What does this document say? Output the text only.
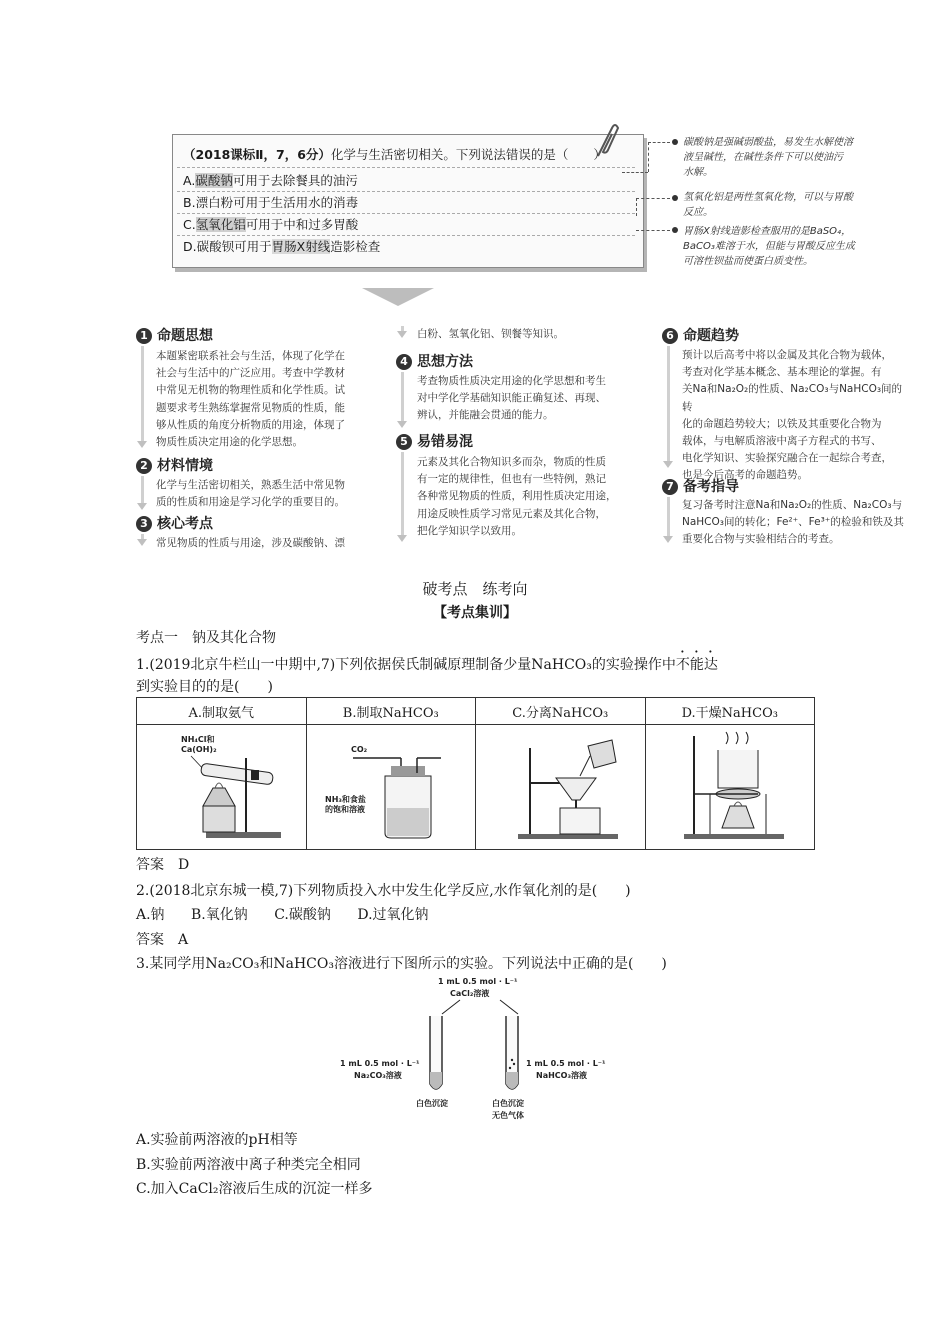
（2018课标Ⅱ，7，6分）化学与生活密切相关。下列说法错误的是（　　）
A.碳酸钠可用于去除餐具的油污
B.漂白粉可用于生活用水的消毒
C.氢氧化铝可用于中和过多胃酸
D.碳酸钡可用于胃肠X射线造影检查
碳酸钠是强碱弱酸盐，易发生水解使溶
液呈碱性，在碱性条件下可以使油污
水解。
氢氧化铝是两性氢氧化物，可以与胃酸
反应。
胃肠X射线造影检查服用的是BaSO₄，
BaCO₃难溶于水，但能与胃酸反应生成
可溶性钡盐而使蛋白质变性。
1 命题思想
本题紧密联系社会与生活，体现了化学在
社会与生活中的广泛应用。考查中学教材
中常见无机物的物理性质和化学性质。试
题要求考生熟练掌握常见物质的性质，能
够从性质的角度分析物质的用途，体现了
物质性质决定用途的化学思想。
2 材料情境
化学与生活密切相关，熟悉生活中常见物
质的性质和用途是学习化学的重要目的。
3 核心考点
常见物质的性质与用途，涉及碳酸钠、漂
白粉、氢氧化铝、钡餐等知识。
4 思想方法
考查物质性质决定用途的化学思想和考生
对中学化学基础知识能正确复述、再现、
辨认，并能融会贯通的能力。
5 易错易混
元素及其化合物知识多而杂，物质的性质
有一定的规律性，但也有一些特例，熟记
各种常见物质的性质，利用性质决定用途，
用途反映性质学习常见元素及其化合物，
把化学知识学以致用。
6 命题趋势
预计以后高考中将以金属及其化合物为载体，
考查对化学基本概念、基本理论的掌握。有
关Na和Na₂O₂的性质、Na₂CO₃与NaHCO₃间的转
化的命题趋势较大；以铁及其重要化合物为
载体，与电解质溶液中离子方程式的书写、
电化学知识、实验探究融合在一起综合考查，
也是今后高考的命题趋势。
7 备考指导
复习备考时注意Na和Na₂O₂的性质、Na₂CO₃与
NaHCO₃间的转化；Fe²⁺、Fe³⁺的检验和铁及其
重要化合物与实验相结合的考查。
破考点　练考向
【考点集训】
考点一　钠及其化合物
1.(2019北京牛栏山一中期中,7)下列依据侯氏制碱原理制备少量NaHCO₃的实验操作中不能达
到实验目的的是(　　)
A.制取氨气	B.制取NaHCO₃	C.分离NaHCO₃	D.干燥NaHCO₃

NH₄Cl和
Ca(OH)₂	CO₂
NH₃和食盐
的饱和溶液

答案　D
2.(2018北京东城一模,7)下列物质投入水中发生化学反应,水作氧化剂的是(　　)
A.钠 B.氧化钠 C.碳酸钠 D.过氧化钠
答案　A
3.某同学用Na₂CO₃和NaHCO₃溶液进行下图所示的实验。下列说法中正确的是(　　)
1 mL 0.5 mol · L⁻¹
CaCl₂溶液
1 mL 0.5 mol · L⁻¹
Na₂CO₃溶液
1 mL 0.5 mol · L⁻¹
NaHCO₃溶液
白色沉淀	白色沉淀
无色气体
A.实验前两溶液的pH相等
B.实验前两溶液中离子种类完全相同
C.加入CaCl₂溶液后生成的沉淀一样多
